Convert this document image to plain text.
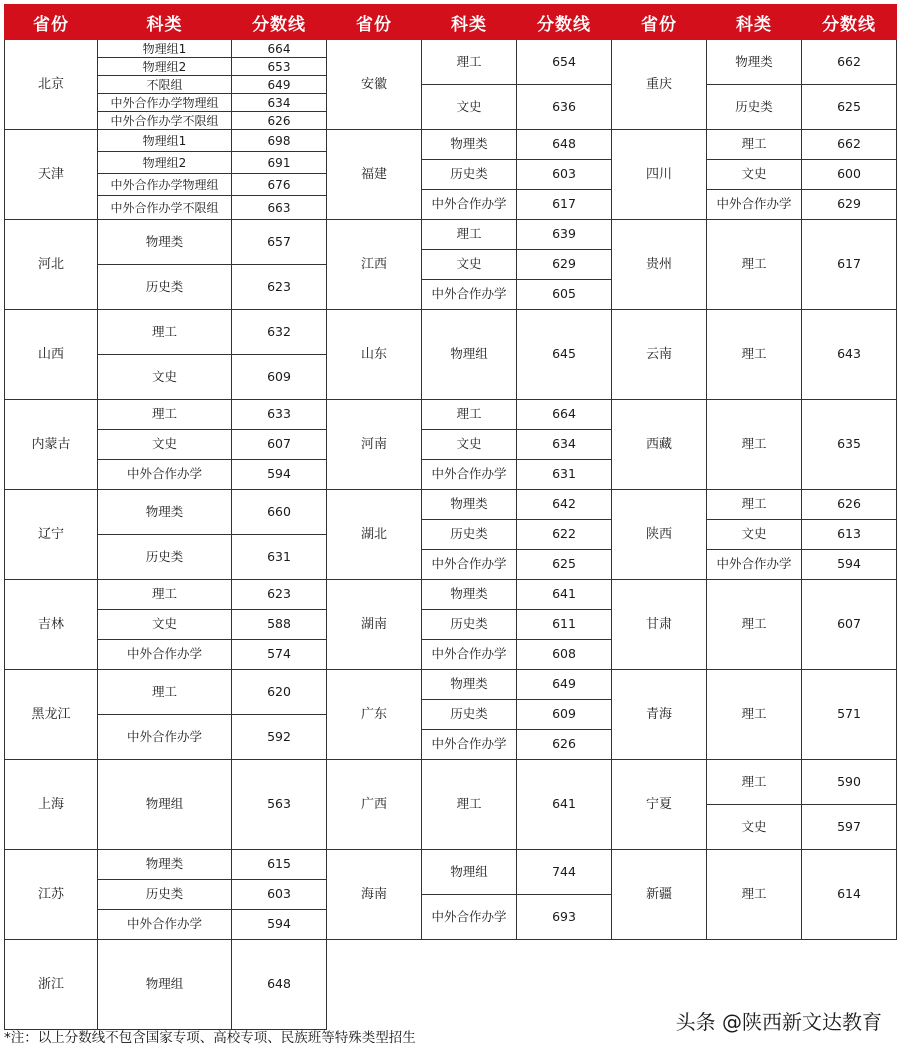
省份	科类	分数线
北京	物理组1	664
	物理组2	653
	不限组	649
	中外合作办学物理组	634
	中外合作办学不限组	626
天津	物理组1	698
	物理组2	691
	中外合作办学物理组	676
	中外合作办学不限组	663
河北	物理类	657
	历史类	623
山西	理工	632
	文史	609
内蒙古	理工	633
	文史	607
	中外合作办学	594
辽宁	物理类	660
	历史类	631
吉林	理工	623
	文史	588
	中外合作办学	574
黑龙江	理工	620
	中外合作办学	592
上海	物理组	563
江苏	物理类	615
	历史类	603
	中外合作办学	594
浙江	物理组	648
省份	科类	分数线
安徽	理工	654
	文史	636
福建	物理类	648
	历史类	603
	中外合作办学	617
江西	理工	639
	文史	629
	中外合作办学	605
山东	物理组	645
河南	理工	664
	文史	634
	中外合作办学	631
湖北	物理类	642
	历史类	622
	中外合作办学	625
湖南	物理类	641
	历史类	611
	中外合作办学	608
广东	物理类	649
	历史类	609
	中外合作办学	626
广西	理工	641
海南	物理组	744
	中外合作办学	693
省份	科类	分数线
重庆	物理类	662
	历史类	625
四川	理工	662
	文史	600
	中外合作办学	629
贵州	理工	617
云南	理工	643
西藏	理工	635
陕西	理工	626
	文史	613
	中外合作办学	594
甘肃	理工	607
青海	理工	571
宁夏	理工	590
	文史	597
新疆	理工	614
*注：以上分数线不包含国家专项、高校专项、民族班等特殊类型招生
头条 @陕西新文达教育
